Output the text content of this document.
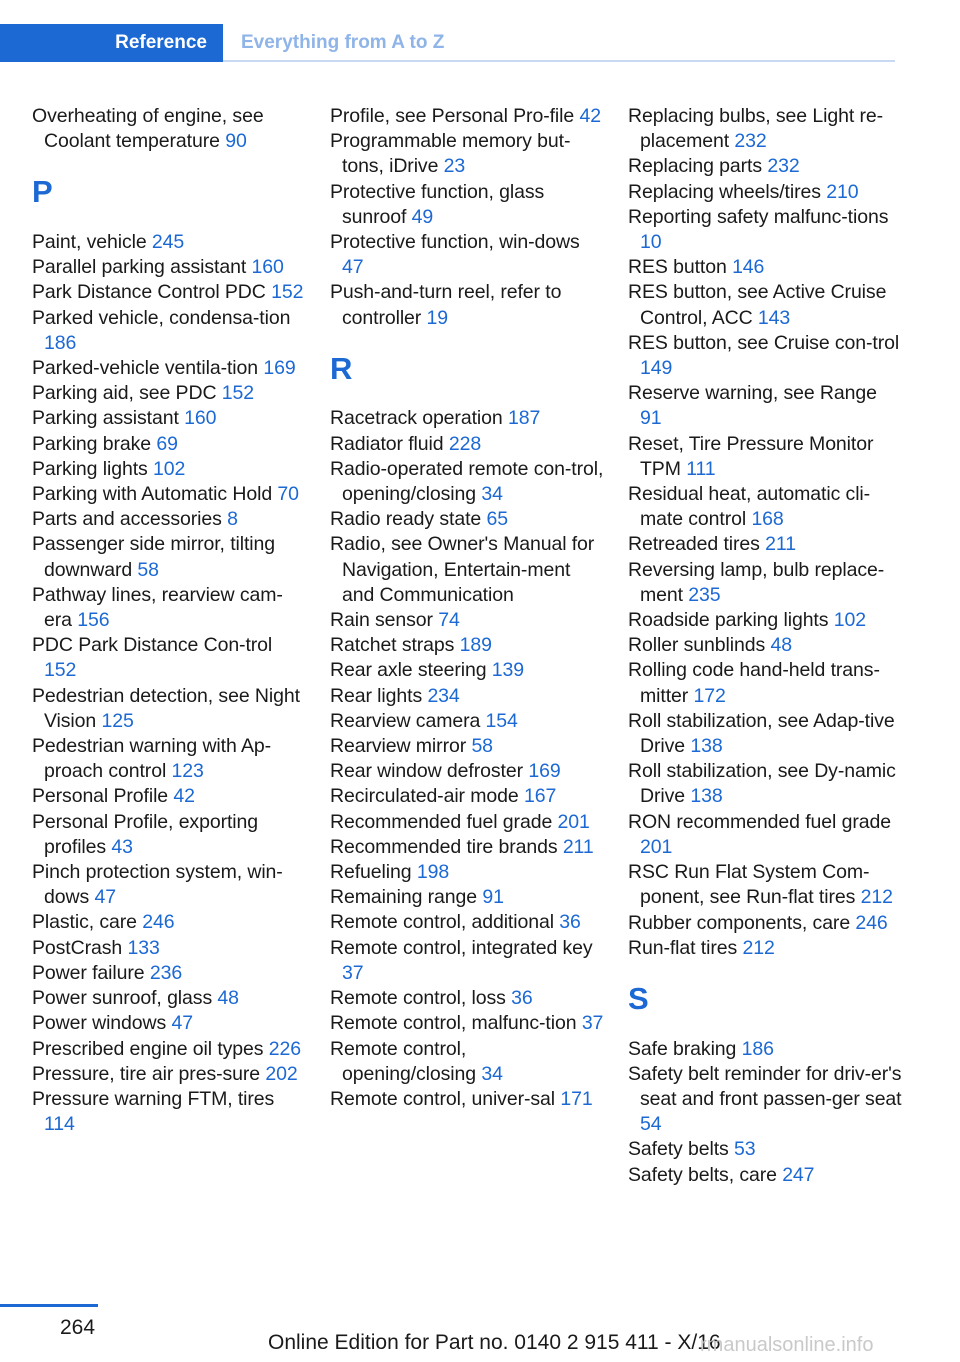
Reference	Everything from A to Z
Overheating of engine, see Coolant temperature 90
P
Paint, vehicle 245
Parallel parking assistant 160
Park Distance Control PDC 152
Parked vehicle, condensa‐tion 186
Parked-vehicle ventila‐tion 169
Parking aid, see PDC 152
Parking assistant 160
Parking brake 69
Parking lights 102
Parking with Automatic Hold 70
Parts and accessories 8
Passenger side mirror, tilting downward 58
Pathway lines, rearview cam‐era 156
PDC Park Distance Con‐trol 152
Pedestrian detection, see Night Vision 125
Pedestrian warning with Ap‐proach control 123
Personal Profile 42
Personal Profile, exporting profiles 43
Pinch protection system, win‐dows 47
Plastic, care 246
PostCrash 133
Power failure 236
Power sunroof, glass 48
Power windows 47
Prescribed engine oil types 226
Pressure, tire air pres‐sure 202
Pressure warning FTM, tires 114
Profile, see Personal Pro‐file 42
Programmable memory but‐tons, iDrive 23
Protective function, glass sunroof 49
Protective function, win‐dows 47
Push-and-turn reel, refer to controller 19
R
Racetrack operation 187
Radiator fluid 228
Radio-operated remote con‐trol, opening/closing 34
Radio ready state 65
Radio, see Owner's Manual for Navigation, Entertain‐ment and Communication
Rain sensor 74
Ratchet straps 189
Rear axle steering 139
Rear lights 234
Rearview camera 154
Rearview mirror 58
Rear window defroster 169
Recirculated-air mode 167
Recommended fuel grade 201
Recommended tire brands 211
Refueling 198
Remaining range 91
Remote control, additional 36
Remote control, integrated key 37
Remote control, loss 36
Remote control, malfunc‐tion 37
Remote control, opening/closing 34
Remote control, univer‐sal 171
Replacing bulbs, see Light re‐placement 232
Replacing parts 232
Replacing wheels/tires 210
Reporting safety malfunc‐tions 10
RES button 146
RES button, see Active Cruise Control, ACC 143
RES button, see Cruise con‐trol 149
Reserve warning, see Range 91
Reset, Tire Pressure Monitor TPM 111
Residual heat, automatic cli‐mate control 168
Retreaded tires 211
Reversing lamp, bulb replace‐ment 235
Roadside parking lights 102
Roller sunblinds 48
Rolling code hand-held trans‐mitter 172
Roll stabilization, see Adap‐tive Drive 138
Roll stabilization, see Dy‐namic Drive 138
RON recommended fuel grade 201
RSC Run Flat System Com‐ponent, see Run-flat tires 212
Rubber components, care 246
Run-flat tires 212
S
Safe braking 186
Safety belt reminder for driv‐er's seat and front passen‐ger seat 54
Safety belts 53
Safety belts, care 247
264
Online Edition for Part no. 0140 2 915 411 - X/16
rmanualsonline.info
